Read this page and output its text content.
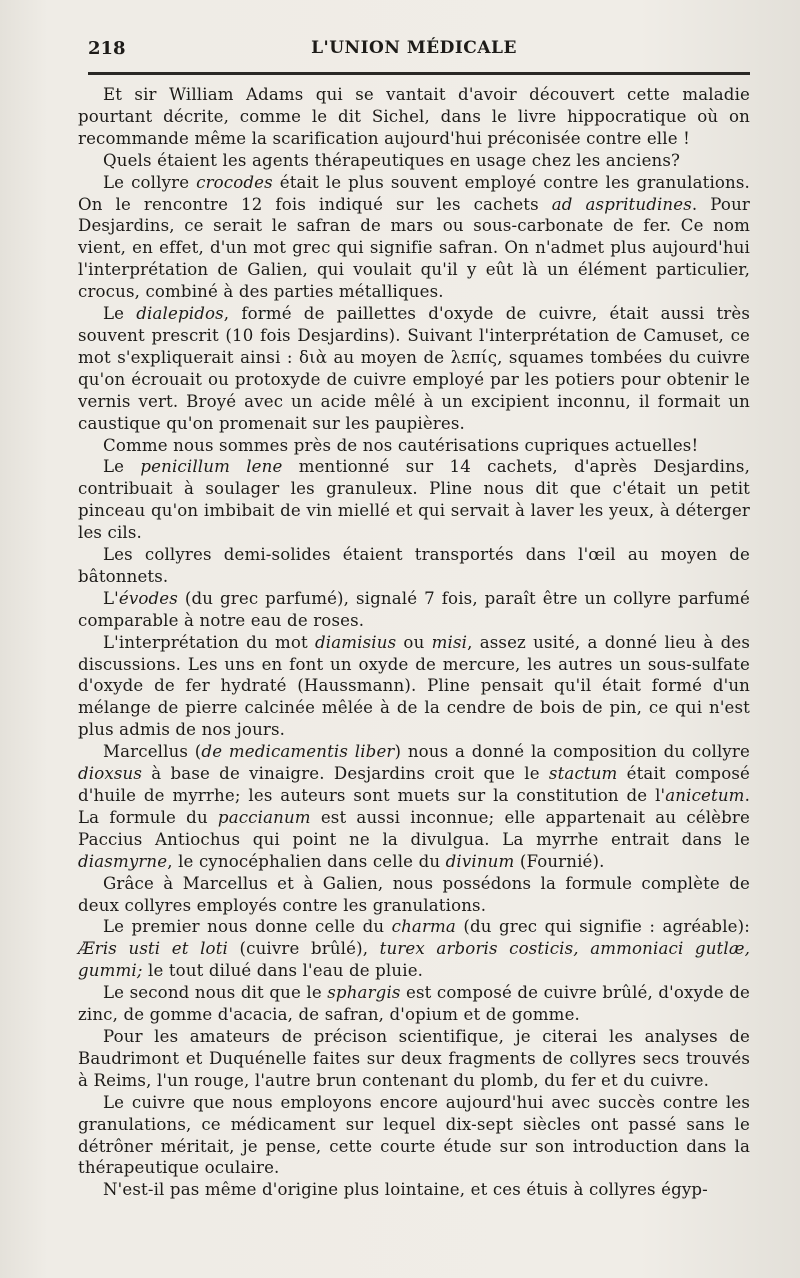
218	L'UNION MÉDICALE

Et sir William Adams qui se vantait d'avoir découvert cette maladie pourtant décrite, comme le dit Sichel, dans le livre hippocratique où on recommande même la scarification aujourd'hui préconisée contre elle !

Quels étaient les agents thérapeutiques en usage chez les anciens?

Le collyre crocodes était le plus souvent employé contre les granulations. On le rencontre 12 fois indiqué sur les cachets ad aspritudines. Pour Desjardins, ce serait le safran de mars ou sous-carbonate de fer. Ce nom vient, en effet, d'un mot grec qui signifie safran. On n'admet plus aujourd'hui l'interprétation de Galien, qui voulait qu'il y eût là un élément particulier, crocus, combiné à des parties métalliques.

Le dialepidos, formé de paillettes d'oxyde de cuivre, était aussi très souvent prescrit (10 fois Desjardins). Suivant l'interprétation de Camuset, ce mot s'expliquerait ainsi : διὰ au moyen de λεπίς, squames tombées du cuivre qu'on écrouait ou protoxyde de cuivre employé par les potiers pour obtenir le vernis vert. Broyé avec un acide mêlé à un excipient inconnu, il formait un caustique qu'on promenait sur les paupières.

Comme nous sommes près de nos cautérisations cupriques actuelles!

Le penicillum lene mentionné sur 14 cachets, d'après Desjardins, contribuait à soulager les granuleux. Pline nous dit que c'était un petit pinceau qu'on imbibait de vin miellé et qui servait à laver les yeux, à déterger les cils.

Les collyres demi-solides étaient transportés dans l'œil au moyen de bâtonnets.

L'évodes (du grec parfumé), signalé 7 fois, paraît être un collyre parfumé comparable à notre eau de roses.

L'interprétation du mot diamisius ou misi, assez usité, a donné lieu à des discussions. Les uns en font un oxyde de mercure, les autres un sous-sulfate d'oxyde de fer hydraté (Haussmann). Pline pensait qu'il était formé d'un mélange de pierre calcinée mêlée à de la cendre de bois de pin, ce qui n'est plus admis de nos jours.

Marcellus (de medicamentis liber) nous a donné la composition du collyre dioxsus à base de vinaigre. Desjardins croit que le stactum était composé d'huile de myrrhe; les auteurs sont muets sur la constitution de l'anicetum. La formule du paccianum est aussi inconnue; elle appartenait au célèbre Paccius Antiochus qui point ne la divulgua. La myrrhe entrait dans le diasmyrne, le cynocéphalien dans celle du divinum (Fournié).

Grâce à Marcellus et à Galien, nous possédons la formule complète de deux collyres employés contre les granulations.

Le premier nous donne celle du charma (du grec qui signifie : agréable): Æris usti et loti (cuivre brûlé), turex arboris costicis, ammoniaci gutlæ, gummi; le tout dilué dans l'eau de pluie.

Le second nous dit que le sphargis est composé de cuivre brûlé, d'oxyde de zinc, de gomme d'acacia, de safran, d'opium et de gomme.

Pour les amateurs de précison scientifique, je citerai les analyses de Baudrimont et Duquénelle faites sur deux fragments de collyres secs trouvés à Reims, l'un rouge, l'autre brun contenant du plomb, du fer et du cuivre.

Le cuivre que nous employons encore aujourd'hui avec succès contre les granulations, ce médicament sur lequel dix-sept siècles ont passé sans le détrôner méritait, je pense, cette courte étude sur son introduction dans la thérapeutique oculaire.

N'est-il pas même d'origine plus lointaine, et ces étuis à collyres égyp-
